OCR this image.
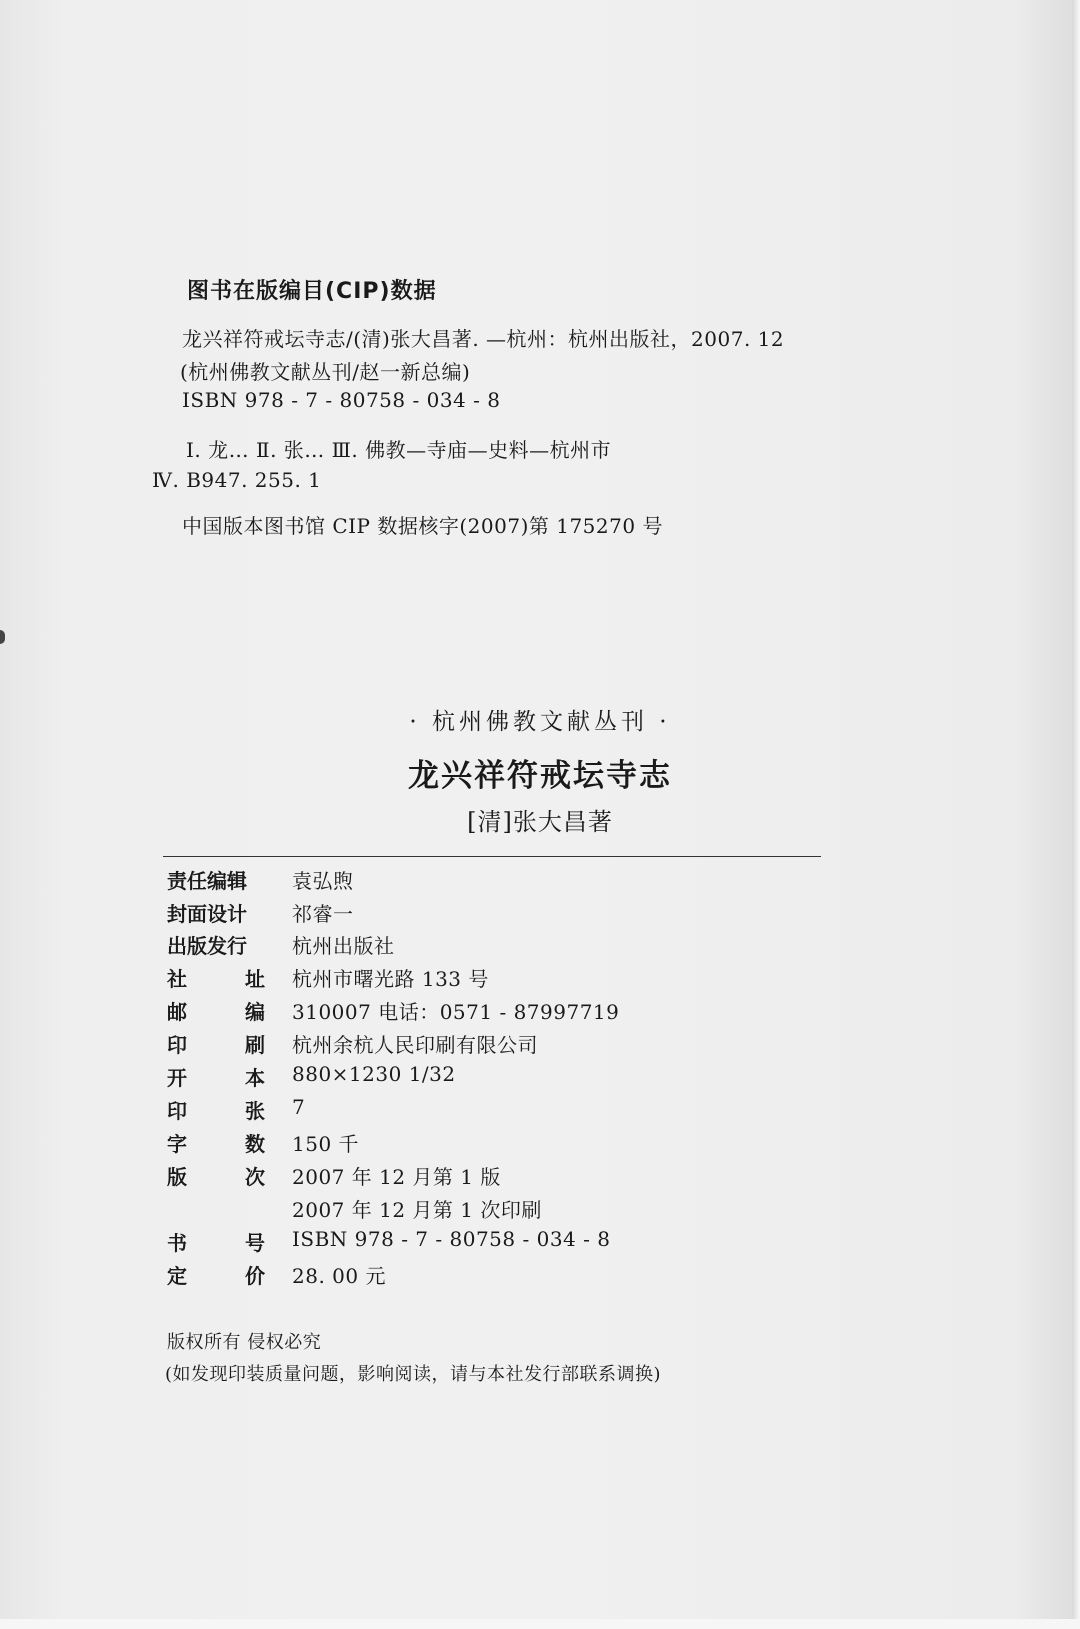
图书在版编目(CIP)数据
龙兴祥符戒坛寺志/(清)张大昌著. —杭州：杭州出版社，2007. 12
(杭州佛教文献丛刊/赵一新总编)
ISBN 978 - 7 - 80758 - 034 - 8
Ⅰ. 龙… Ⅱ. 张… Ⅲ. 佛教—寺庙—史料—杭州市
Ⅳ. B947. 255. 1
中国版本图书馆 CIP 数据核字(2007)第 175270 号
· 杭州佛教文献丛刊 ·
龙兴祥符戒坛寺志
[清]张大昌著
责任编辑	袁弘煦
封面设计	祁睿一
出版发行	杭州出版社
社	址 杭州市曙光路 133 号
邮	编 310007 电话：0571 - 87997719
印	刷 杭州余杭人民印刷有限公司
开	本 880×1230 1/32
印	张 7
字	数 150 千
版	次 2007 年 12 月第 1 版
2007 年 12 月第 1 次印刷
书	号 ISBN 978 - 7 - 80758 - 034 - 8
定	价 28. 00 元
版权所有 侵权必究
(如发现印装质量问题，影响阅读，请与本社发行部联系调换)
